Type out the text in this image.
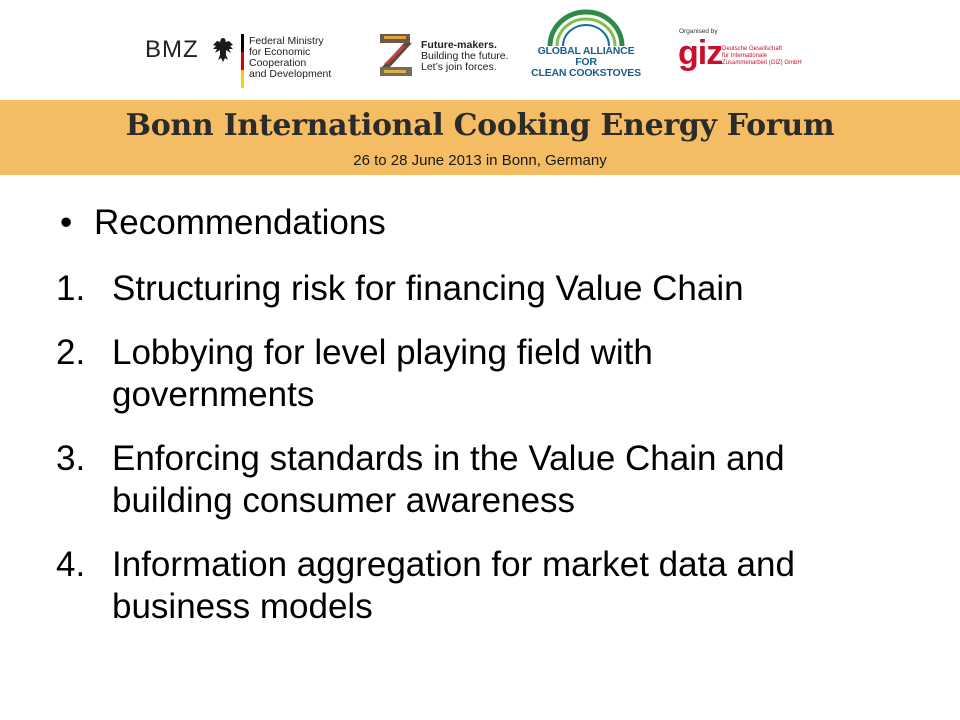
BMZ	Federal Ministry
for Economic Cooperation
and Development
Future-makers.
Building the future.
Let’s join forces.
GLOBAL ALLIANCE FOR
CLEAN COOKSTOVES
Organised by
giz Deutsche Gesellschaft
für Internationale
Zusammenarbeit (GIZ) GmbH
Bonn International Cooking Energy Forum
26 to 28 June 2013 in Bonn, Germany
• Recommendations
1. Structuring risk for financing Value Chain
2. Lobbying for level playing field with
governments
3. Enforcing standards in the Value Chain and
building consumer awareness
4. Information aggregation for market data and
business models
